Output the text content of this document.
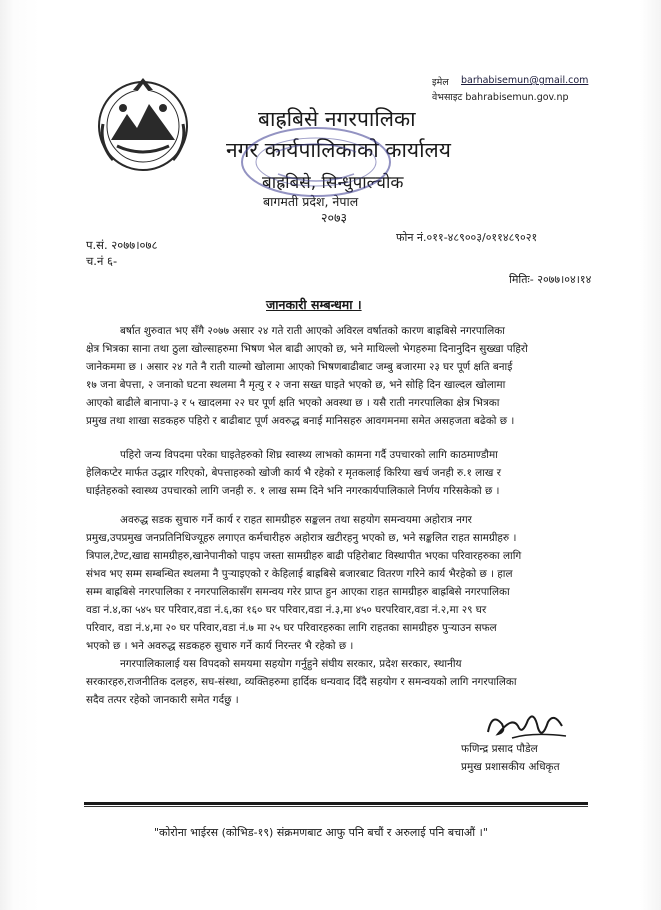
इमेल barhabisemun@gmail.com
वेभसाइट bahrabisemun.gov.np
बाह्रबिसे नगरपालिका
नगर कार्यपालिकाको कार्यालय
बाह्रबिसे, सिन्धुपाल्चोक
बागमती प्रदेश, नेपाल
२०७३
फोन नं.०११-४८९००३/०११४८९०२१
प.सं. २०७७।०७८
च.नं ६-
मितिः- २०७७।०४।१४
जानकारी सम्बन्धमा ।

बर्षात शुरुवात भए सँगै २०७७ असार २४ गते राती आएको अविरल वर्षातको कारण बाह्रबिसे नगरपालिका

क्षेत्र भित्रका साना तथा ठुला खोल्साहरुमा भिषण भेल बाढी आएको छ, भने माथिल्लो भेगहरुमा दिनानुदिन सुख्खा पहिरो

जानेकममा छ । असार २४ गते नै राती याल्मो खोलामा आएको भिषणबाढीबाट जम्बु बजारमा २३ घर पूर्ण क्षति बनाई

१७ जना बेपत्ता, २ जनाको घटना स्थलमा नै मृत्यु र २ जना सख्त घाइते भएको छ, भने सोहि दिन खाल्दल खोलामा

आएको बाढीले बानापा-३ र ५ खादलमा २२ घर पूर्ण क्षति भएको अवस्था छ । यसै राती नगरपालिका क्षेत्र भित्रका

प्रमुख तथा शाखा सडकहरु पहिरो र बाढीबाट पूर्ण अवरुद्ध बनाई मानिसहरु आवगमनमा समेत असहजता बढेको छ ।

पहिरो जन्य विपदमा परेका घाइतेहरुको शिघ्र स्वास्थ्य लाभको कामना गर्दै उपचारको लागि काठमाण्डौमा

हेलिकप्टेर मार्फत उद्धार गरिएको, बेपत्ताहरुको खोजी कार्य भै रहेको र मृतकलाई किरिया खर्च जनही रु.१ लाख र

घाईतेहरुको स्वास्थ्य उपचारको लागि जनही रु. १ लाख सम्म दिने भनि नगरकार्यपालिकाले निर्णय गरिसकेको छ ।

अवरुद्ध सडक सुचारु गर्ने कार्य र राहत सामग्रीहरु सङ्कलन तथा सहयोग समन्वयमा अहोरात्र नगर

प्रमुख,उपप्रमुख जनप्रतिनिधिज्यूहरु लगाएत कर्मचारीहरु अहोरात्र खटीरहनु भएको छ, भने सङ्कलित राहत सामग्रीहरु ।

त्रिपाल,टेण्ट,खाद्य सामग्रीहरु,खानेपानीको पाइप जस्ता सामग्रीहरु बाढी पहिरोबाट विस्थापीत भएका परिवारहरुका लागि

संभव भए सम्म सम्बन्धित स्थलमा नै पुऱ्याइएको र केहिलाई बाह्रबिसे बजारबाट वितरण गरिने कार्य भैरहेको छ । हाल

सम्म बाह्रबिसे नगरपालिका र नगरपालिकासँग समन्वय गरेर प्राप्त हुन आएका राहत सामग्रीहरु बाह्रबिसे नगरपालिका

वडा नं.४,का ५४५ घर परिवार,वडा नं.६,का १६० घर परिवार,वडा नं.३,मा ४५० घरपरिवार,वडा नं.२,मा २९ घर

परिवार, वडा नं.४,मा २० घर परिवार,वडा नं.७ मा २५ घर परिवारहरुका लागि राहतका सामग्रीहरु पुऱ्याउन सफल

भएको छ । भने अवरुद्ध सडकहरु सुचारु गर्ने कार्य निरन्तर भै रहेको छ ।

नगरपालिकालाई यस विपदको समयमा सहयोग गर्नुहुने संघीय सरकार, प्रदेश सरकार, स्थानीय

सरकारहरु,राजनीतिक दलहरु, सघ-संस्था, व्यक्तिहरुमा हार्दिक धन्यवाद दिँदै सहयोग र समन्वयको लागि नगरपालिका

सदैव तत्पर रहेको जानकारी समेत गर्दछु ।

फणिन्द्र प्रसाद पौडेल
प्रमुख प्रशासकीय अधिकृत
"कोरोना भाईरस (कोभिड-१९) संक्रमणबाट आफु पनि बचौं र अरुलाई पनि बचाऔं ।"
